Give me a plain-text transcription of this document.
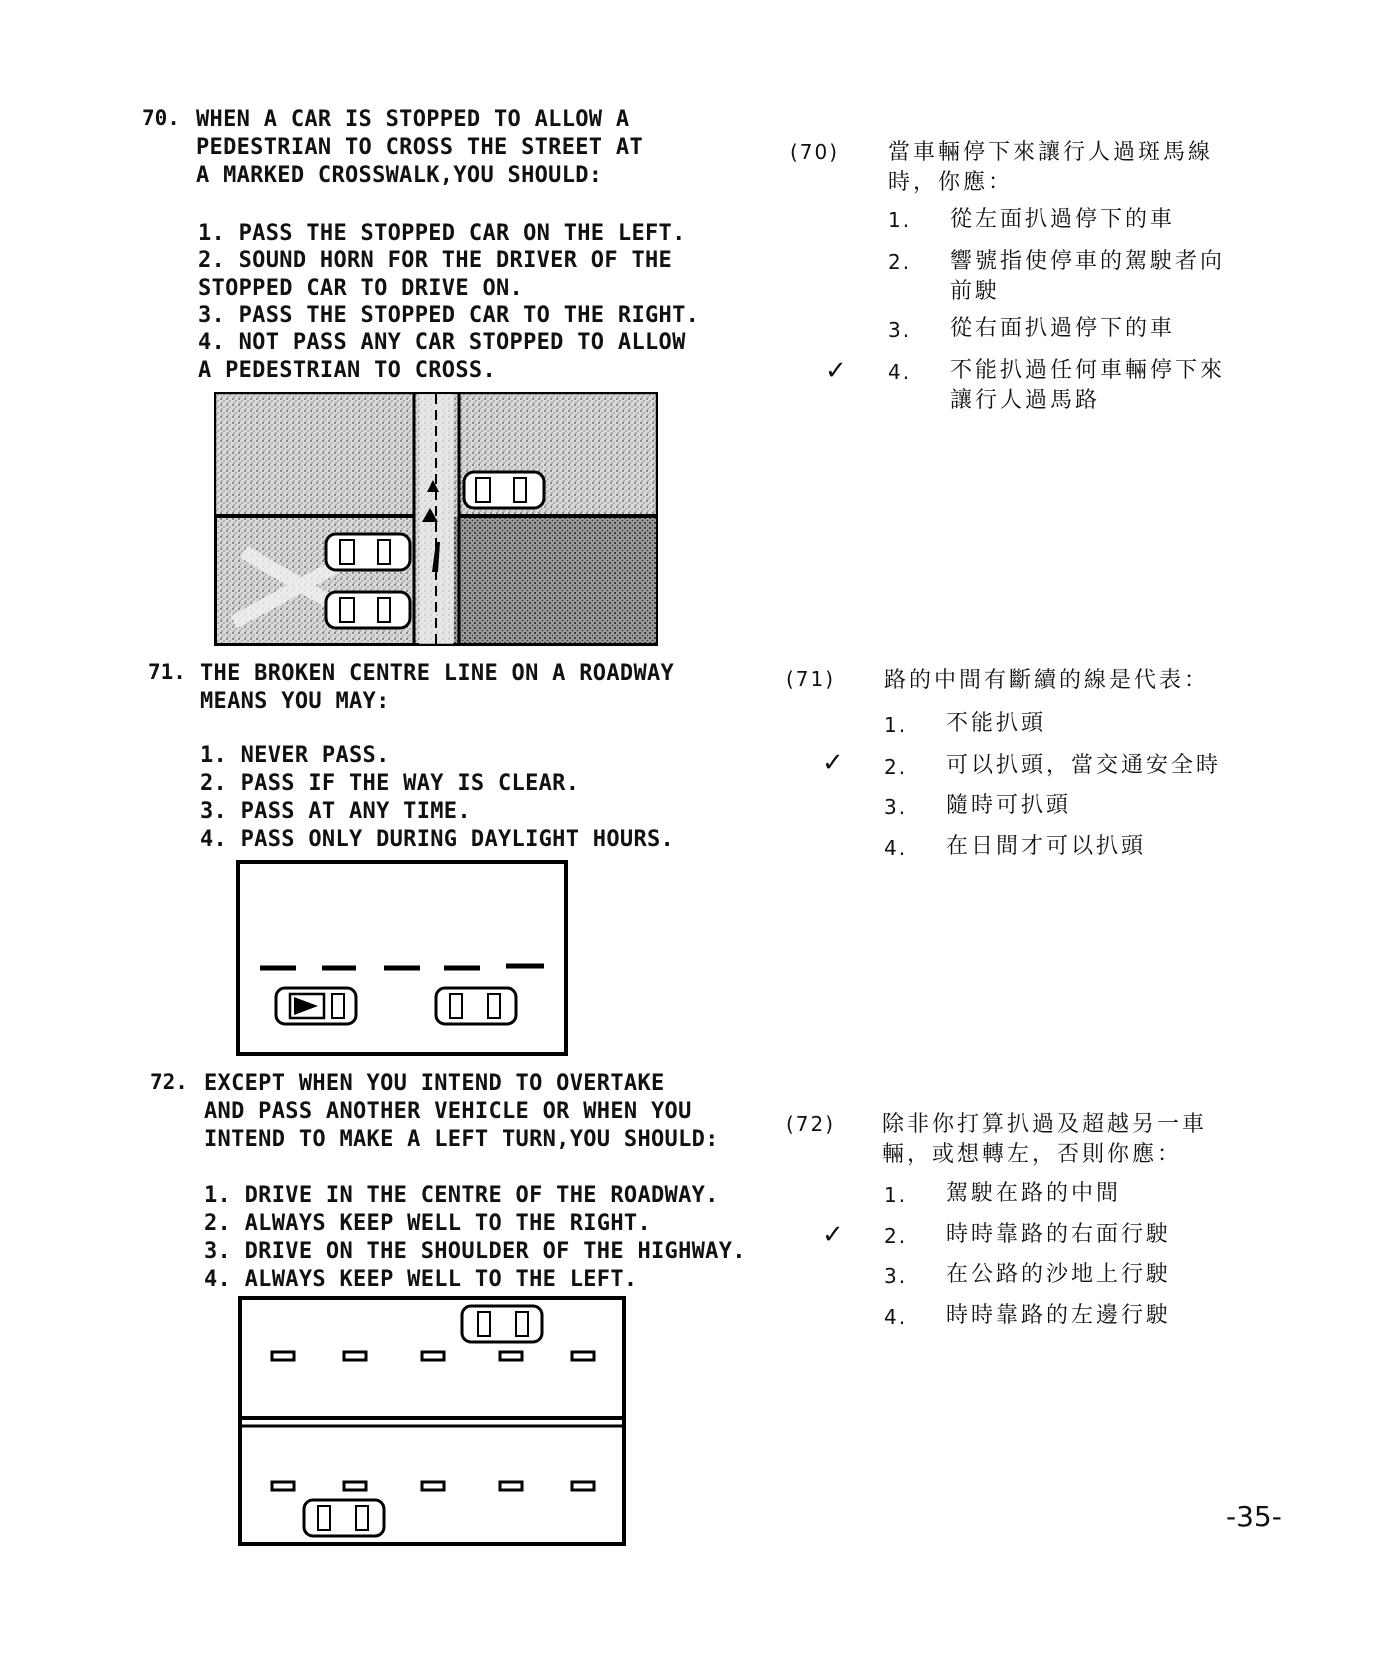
70. WHEN A CAR IS STOPPED TO ALLOW A
PEDESTRIAN TO CROSS THE STREET AT
A MARKED CROSSWALK,YOU SHOULD:
1. PASS THE STOPPED CAR ON THE LEFT.
2. SOUND HORN FOR THE DRIVER OF THE
STOPPED CAR TO DRIVE ON.
3. PASS THE STOPPED CAR TO THE RIGHT.
4. NOT PASS ANY CAR STOPPED TO ALLOW
A PEDESTRIAN TO CROSS.
(70) 當車輛停下來讓行人過斑馬線
時，你應：
1. 從左面扒過停下的車
2. 響號指使停車的駕駛者向
前駛
3. 從右面扒過停下的車
✓ 4. 不能扒過任何車輛停下來
讓行人過馬路
71. THE BROKEN CENTRE LINE ON A ROADWAY
MEANS YOU MAY:
1. NEVER PASS.
2. PASS IF THE WAY IS CLEAR.
3. PASS AT ANY TIME.
4. PASS ONLY DURING DAYLIGHT HOURS.
(71) 路的中間有斷續的線是代表：
1. 不能扒頭
✓ 2. 可以扒頭，當交通安全時
3. 隨時可扒頭
4. 在日間才可以扒頭
72. EXCEPT WHEN YOU INTEND TO OVERTAKE
AND PASS ANOTHER VEHICLE OR WHEN YOU
INTEND TO MAKE A LEFT TURN,YOU SHOULD:
1. DRIVE IN THE CENTRE OF THE ROADWAY.
2. ALWAYS KEEP WELL TO THE RIGHT.
3. DRIVE ON THE SHOULDER OF THE HIGHWAY.
4. ALWAYS KEEP WELL TO THE LEFT.
(72) 除非你打算扒過及超越另一車
輛，或想轉左，否則你應：
1. 駕駛在路的中間
✓ 2. 時時靠路的右面行駛
3. 在公路的沙地上行駛
4. 時時靠路的左邊行駛
-35-
